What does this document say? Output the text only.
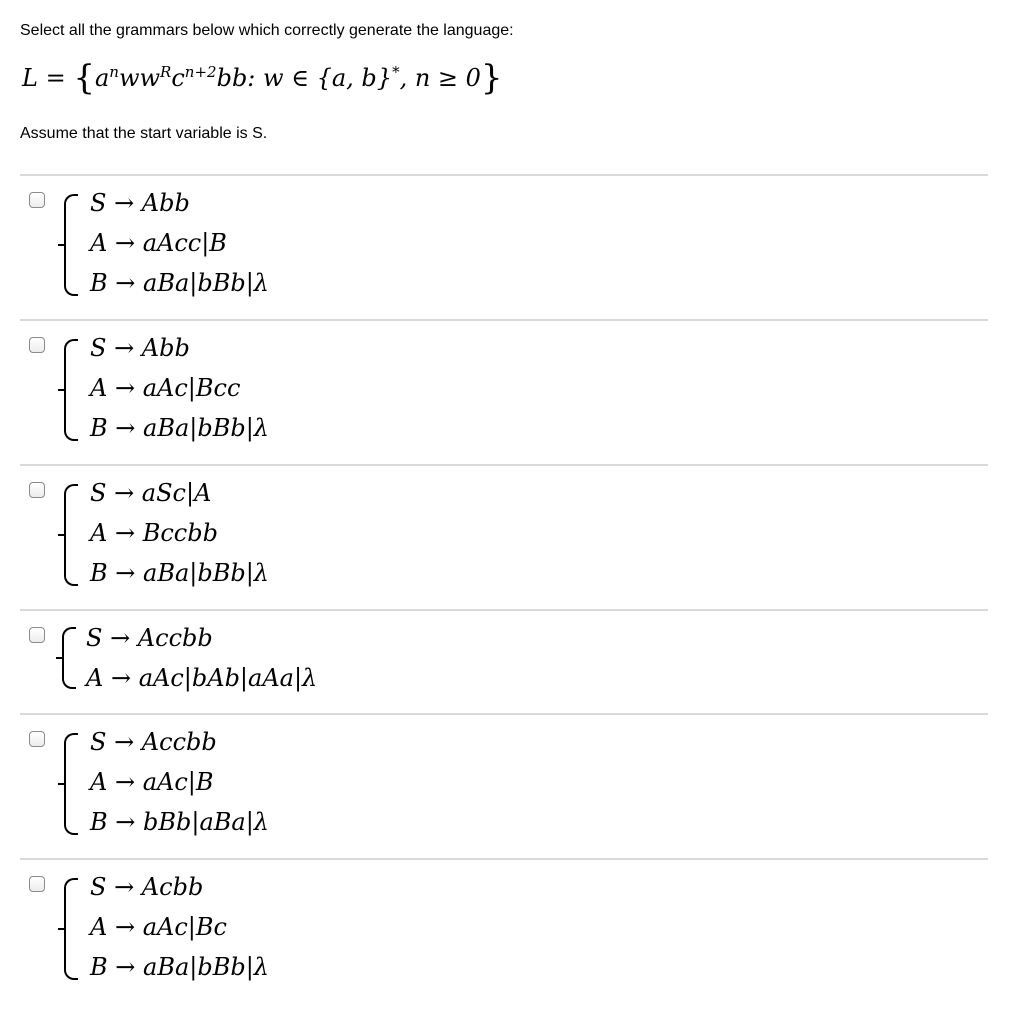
Select all the grammars below which correctly generate the language:
$L = \{a^nww^Rc^{n+2}bb$: w ∈ {a, b}*, n ≥ 0}
Assume that the start variable is S.
S → Abb
A → aAcc|B
B → aBa|bBb|λ
S → Abb
A → aAc|Bcc
B → aBa|bBb|λ
S → aSc|A
A → Bccbb
B → aBa|bBb|λ
S → Accbb
A → aAc|bAb|aAa|λ
S → Accbb
A → aAc|B
B → bBb|aBa|λ
S → Acbb
A → aAc|Bc
B → aBa|bBb|λ
